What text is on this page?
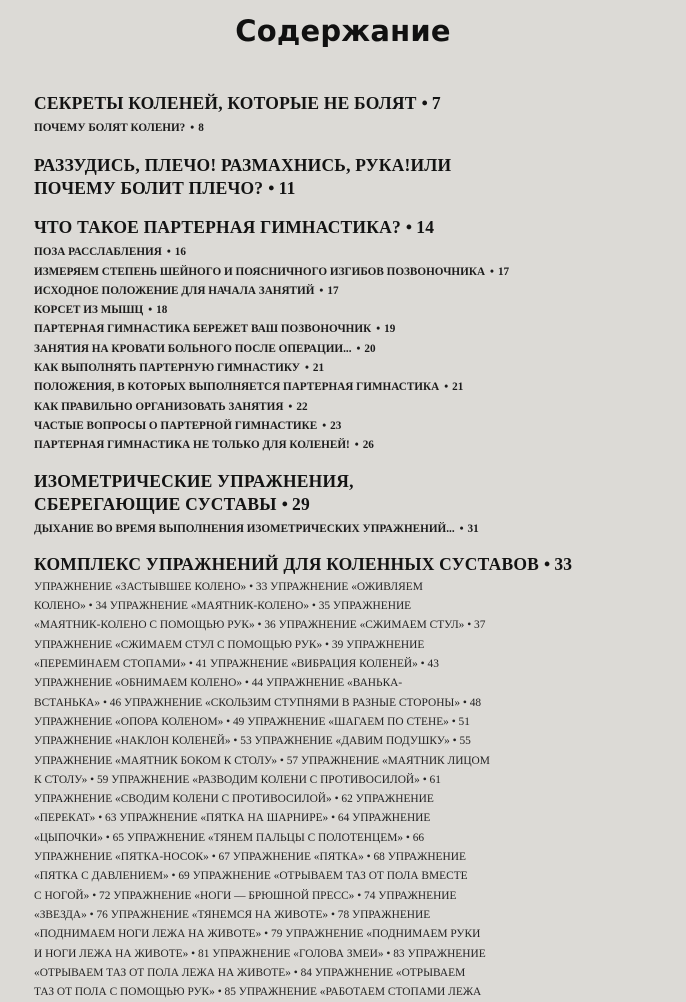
Содержание
СЕКРЕТЫ КОЛЕНЕЙ, КОТОРЫЕ НЕ БОЛЯТ • 7
ПОЧЕМУ БОЛЯТ КОЛЕНИ? • 8
РАЗЗУДИСЬ, ПЛЕЧО! РАЗМАХНИСЬ, РУКА!ИЛИ
ПОЧЕМУ БОЛИТ ПЛЕЧО? • 11
ЧТО ТАКОЕ ПАРТЕРНАЯ ГИМНАСТИКА? • 14
ПОЗА РАССЛАБЛЕНИЯ • 16
ИЗМЕРЯЕМ СТЕПЕНЬ ШЕЙНОГО И ПОЯСНИЧНОГО ИЗГИБОВ ПОЗВОНОЧНИКА • 17
ИСХОДНОЕ ПОЛОЖЕНИЕ ДЛЯ НАЧАЛА ЗАНЯТИЙ • 17
КОРСЕТ ИЗ МЫШЦ • 18
ПАРТЕРНАЯ ГИМНАСТИКА БЕРЕЖЕТ ВАШ ПОЗВОНОЧНИК • 19
ЗАНЯТИЯ НА КРОВАТИ БОЛЬНОГО ПОСЛЕ ОПЕРАЦИИ... • 20
КАК ВЫПОЛНЯТЬ ПАРТЕРНУЮ ГИМНАСТИКУ • 21
ПОЛОЖЕНИЯ, В КОТОРЫХ ВЫПОЛНЯЕТСЯ ПАРТЕРНАЯ ГИМНАСТИКА • 21
КАК ПРАВИЛЬНО ОРГАНИЗОВАТЬ ЗАНЯТИЯ • 22
ЧАСТЫЕ ВОПРОСЫ О ПАРТЕРНОЙ ГИМНАСТИКЕ • 23
ПАРТЕРНАЯ ГИМНАСТИКА НЕ ТОЛЬКО ДЛЯ КОЛЕНЕЙ! • 26
ИЗОМЕТРИЧЕСКИЕ УПРАЖНЕНИЯ,
СБЕРЕГАЮЩИЕ СУСТАВЫ • 29
ДЫХАНИЕ ВО ВРЕМЯ ВЫПОЛНЕНИЯ ИЗОМЕТРИЧЕСКИХ УПРАЖНЕНИЙ... • 31
КОМПЛЕКС УПРАЖНЕНИЙ ДЛЯ КОЛЕННЫХ СУСТАВОВ • 33
УПРАЖНЕНИЕ «ЗАСТЫВШЕЕ КОЛЕНО» • 33 УПРАЖНЕНИЕ «ОЖИВЛЯЕМ
КОЛЕНО» • 34 УПРАЖНЕНИЕ «МАЯТНИК-КОЛЕНО» • 35 УПРАЖНЕНИЕ
«МАЯТНИК-КОЛЕНО С ПОМОЩЬЮ РУК» • 36 УПРАЖНЕНИЕ «СЖИМАЕМ СТУЛ» • 37
УПРАЖНЕНИЕ «СЖИМАЕМ СТУЛ С ПОМОЩЬЮ РУК» • 39 УПРАЖНЕНИЕ
«ПЕРЕМИНАЕМ СТОПАМИ» • 41 УПРАЖНЕНИЕ «ВИБРАЦИЯ КОЛЕНЕЙ» • 43
УПРАЖНЕНИЕ «ОБНИМАЕМ КОЛЕНО» • 44 УПРАЖНЕНИЕ «ВАНЬКА-
ВСТАНЬКА» • 46 УПРАЖНЕНИЕ «СКОЛЬЗИМ СТУПНЯМИ В РАЗНЫЕ СТОРОНЫ» • 48
УПРАЖНЕНИЕ «ОПОРА КОЛЕНОМ» • 49 УПРАЖНЕНИЕ «ШАГАЕМ ПО СТЕНЕ» • 51
УПРАЖНЕНИЕ «НАКЛОН КОЛЕНЕЙ» • 53 УПРАЖНЕНИЕ «ДАВИМ ПОДУШКУ» • 55
УПРАЖНЕНИЕ «МАЯТНИК БОКОМ К СТОЛУ» • 57 УПРАЖНЕНИЕ «МАЯТНИК ЛИЦОМ
К СТОЛУ» • 59 УПРАЖНЕНИЕ «РАЗВОДИМ КОЛЕНИ С ПРОТИВОСИЛОЙ» • 61
УПРАЖНЕНИЕ «СВОДИМ КОЛЕНИ С ПРОТИВОСИЛОЙ» • 62 УПРАЖНЕНИЕ
«ПЕРЕКАТ» • 63 УПРАЖНЕНИЕ «ПЯТКА НА ШАРНИРЕ» • 64 УПРАЖНЕНИЕ
«ЦЫПОЧКИ» • 65 УПРАЖНЕНИЕ «ТЯНЕМ ПАЛЬЦЫ С ПОЛОТЕНЦЕМ» • 66
УПРАЖНЕНИЕ «ПЯТКА-НОСОК» • 67 УПРАЖНЕНИЕ «ПЯТКА» • 68 УПРАЖНЕНИЕ
«ПЯТКА С ДАВЛЕНИЕМ» • 69 УПРАЖНЕНИЕ «ОТРЫВАЕМ ТАЗ ОТ ПОЛА ВМЕСТЕ
С НОГОЙ» • 72 УПРАЖНЕНИЕ «НОГИ — БРЮШНОЙ ПРЕСС» • 74 УПРАЖНЕНИЕ
«ЗВЕЗДА» • 76 УПРАЖНЕНИЕ «ТЯНЕМСЯ НА ЖИВОТЕ» • 78 УПРАЖНЕНИЕ
«ПОДНИМАЕМ НОГИ ЛЕЖА НА ЖИВОТЕ» • 79 УПРАЖНЕНИЕ «ПОДНИМАЕМ РУКИ
И НОГИ ЛЕЖА НА ЖИВОТЕ» • 81 УПРАЖНЕНИЕ «ГОЛОВА ЗМЕИ» • 83 УПРАЖНЕНИЕ
«ОТРЫВАЕМ ТАЗ ОТ ПОЛА ЛЕЖА НА ЖИВОТЕ» • 84 УПРАЖНЕНИЕ «ОТРЫВАЕМ
ТАЗ ОТ ПОЛА С ПОМОЩЬЮ РУК» • 85 УПРАЖНЕНИЕ «РАБОТАЕМ СТОПАМИ ЛЕЖА
